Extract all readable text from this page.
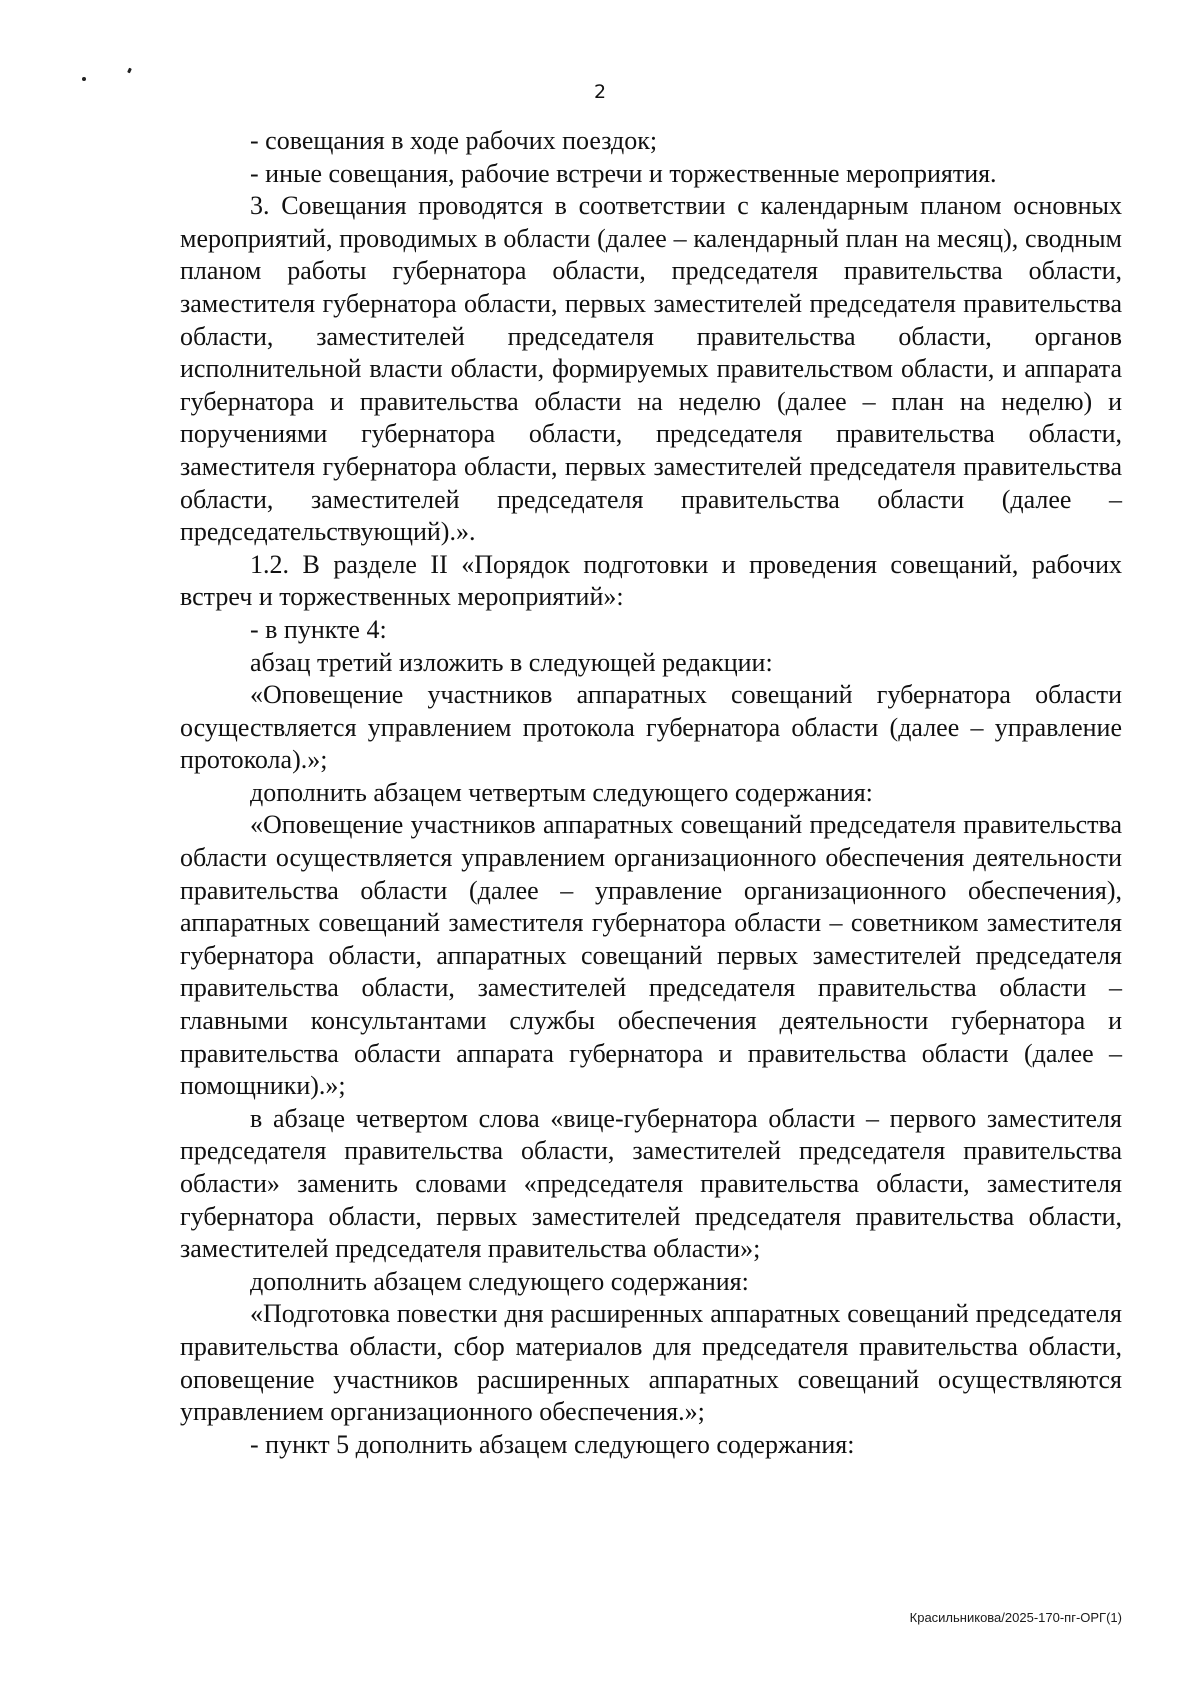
2

- совещания в ходе рабочих поездок;

- иные совещания, рабочие встречи и торжественные мероприятия.

3. Совещания проводятся в соответствии с календарным планом основных мероприятий, проводимых в области (далее – календарный план на месяц), сводным планом работы губернатора области, председателя правительства области, заместителя губернатора области, первых заместителей председателя правительства области, заместителей председателя правительства области, органов исполнительной власти области, формируемых правительством области, и аппарата губернатора и правительства области на неделю (далее – план на неделю) и поручениями губернатора области, председателя правительства области, заместителя губернатора области, первых заместителей председателя правительства области, заместителей председателя правительства области (далее – председательствующий).».

1.2. В разделе II «Порядок подготовки и проведения совещаний, рабочих встреч и торжественных мероприятий»:

- в пункте 4:

абзац третий изложить в следующей редакции:

«Оповещение участников аппаратных совещаний губернатора области осуществляется управлением протокола губернатора области (далее – управление протокола).»;

дополнить абзацем четвертым следующего содержания:

«Оповещение участников аппаратных совещаний председателя правительства области осуществляется управлением организационного обеспечения деятельности правительства области (далее – управление организационного обеспечения), аппаратных совещаний заместителя губернатора области – советником заместителя губернатора области, аппаратных совещаний первых заместителей председателя правительства области, заместителей председателя правительства области – главными консультантами службы обеспечения деятельности губернатора и правительства области аппарата губернатора и правительства области (далее – помощники).»;

в абзаце четвертом слова «вице-губернатора области – первого заместителя председателя правительства области, заместителей председателя правительства области» заменить словами «председателя правительства области, заместителя губернатора области, первых заместителей председателя правительства области, заместителей председателя правительства области»;

дополнить абзацем следующего содержания:

«Подготовка повестки дня расширенных аппаратных совещаний председателя правительства области, сбор материалов для председателя правительства области, оповещение участников расширенных аппаратных совещаний осуществляются управлением организационного обеспечения.»;

- пункт 5 дополнить абзацем следующего содержания:

Красильникова/2025-170-пг-ОРГ(1)
